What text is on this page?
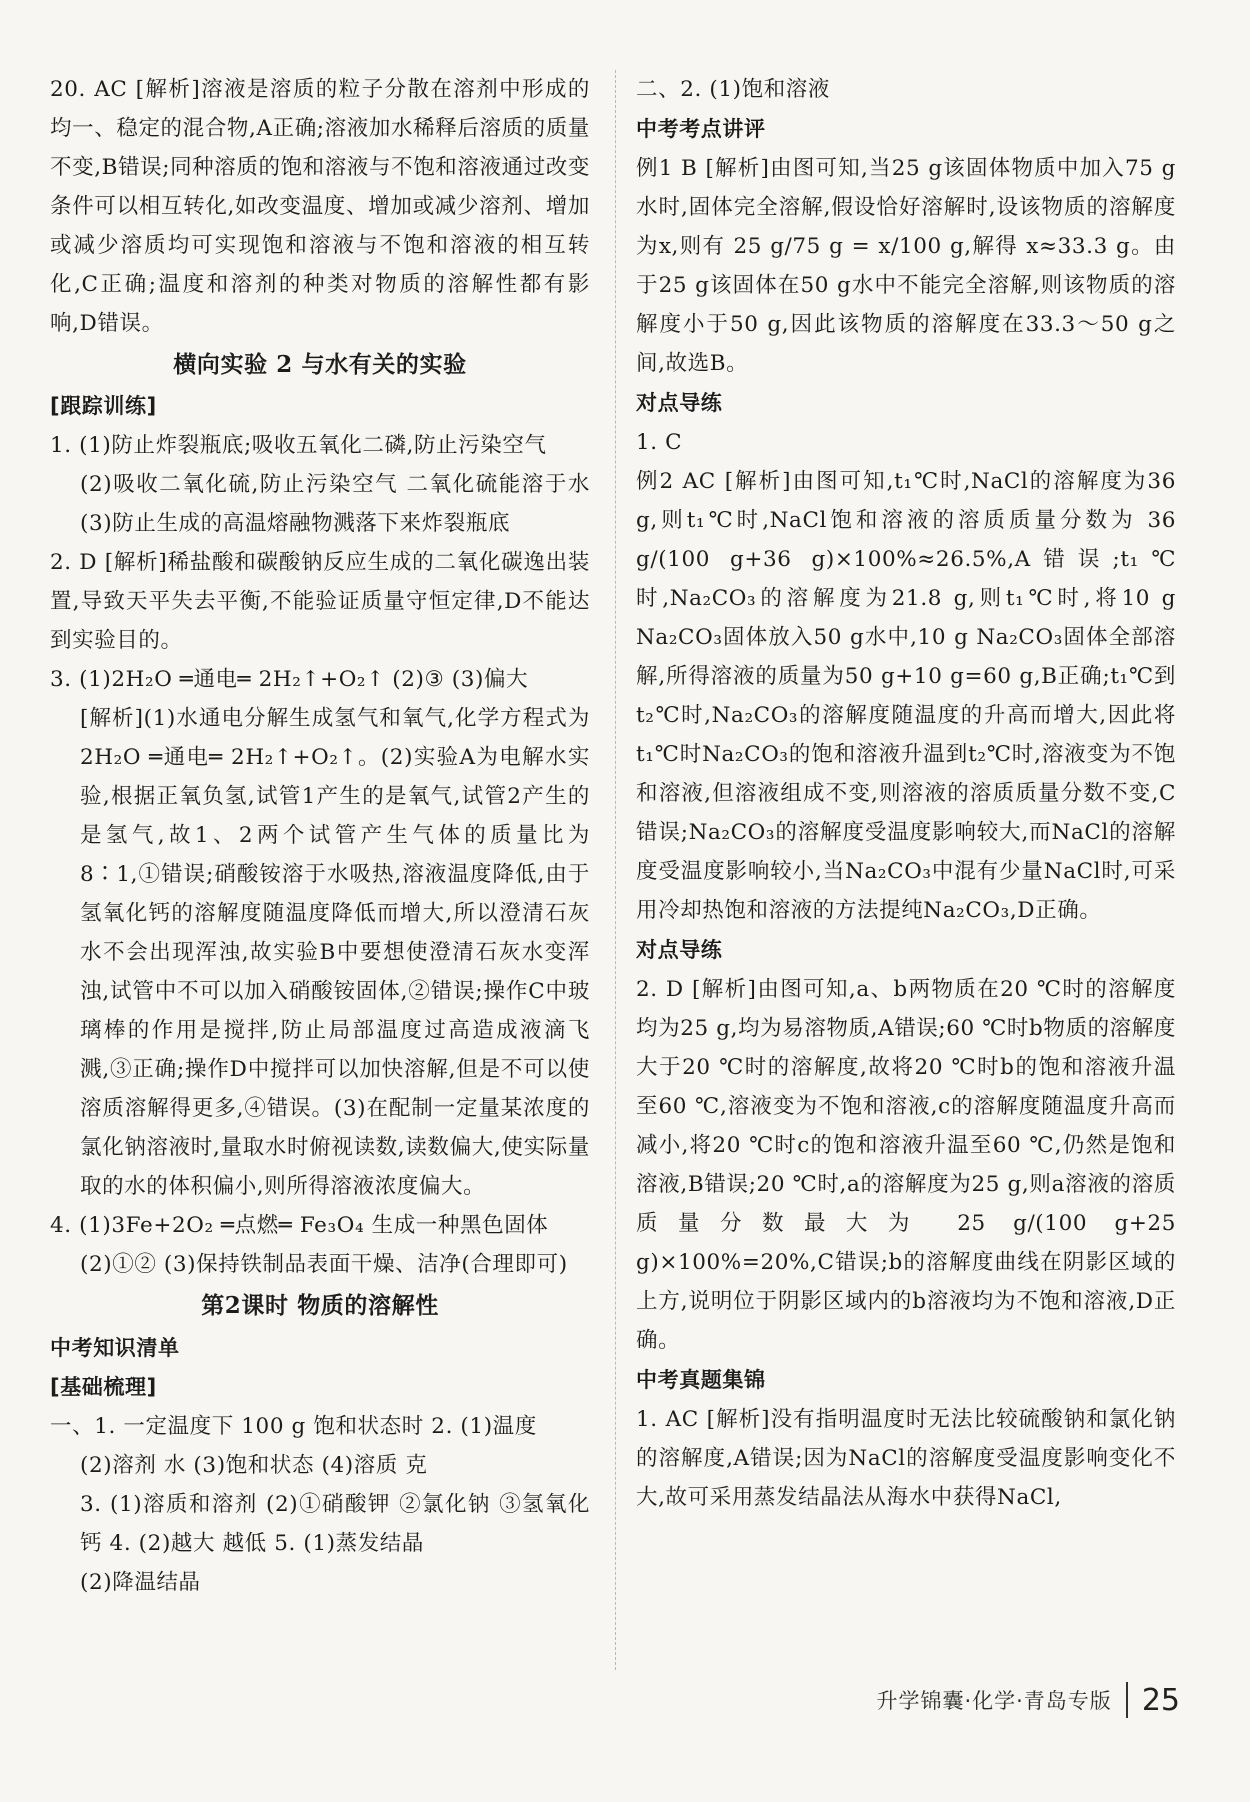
20. AC [解析]溶液是溶质的粒子分散在溶剂中形成的均一、稳定的混合物,A正确;溶液加水稀释后溶质的质量不变,B错误;同种溶质的饱和溶液与不饱和溶液通过改变条件可以相互转化,如改变温度、增加或减少溶剂、增加或减少溶质均可实现饱和溶液与不饱和溶液的相互转化,C正确;温度和溶剂的种类对物质的溶解性都有影响,D错误。

横向实验 2 与水有关的实验

[跟踪训练]

1. (1)防止炸裂瓶底;吸收五氧化二磷,防止污染空气

(2)吸收二氧化硫,防止污染空气 二氧化硫能溶于水 (3)防止生成的高温熔融物溅落下来炸裂瓶底

2. D [解析]稀盐酸和碳酸钠反应生成的二氧化碳逸出装置,导致天平失去平衡,不能验证质量守恒定律,D不能达到实验目的。

3. (1)2H₂O ═通电═ 2H₂↑+O₂↑ (2)③ (3)偏大

[解析](1)水通电分解生成氢气和氧气,化学方程式为2H₂O ═通电═ 2H₂↑+O₂↑。(2)实验A为电解水实验,根据正氧负氢,试管1产生的是氧气,试管2产生的是氢气,故1、2两个试管产生气体的质量比为8∶1,①错误;硝酸铵溶于水吸热,溶液温度降低,由于氢氧化钙的溶解度随温度降低而增大,所以澄清石灰水不会出现浑浊,故实验B中要想使澄清石灰水变浑浊,试管中不可以加入硝酸铵固体,②错误;操作C中玻璃棒的作用是搅拌,防止局部温度过高造成液滴飞溅,③正确;操作D中搅拌可以加快溶解,但是不可以使溶质溶解得更多,④错误。(3)在配制一定量某浓度的氯化钠溶液时,量取水时俯视读数,读数偏大,使实际量取的水的体积偏小,则所得溶液浓度偏大。

4. (1)3Fe+2O₂ ═点燃═ Fe₃O₄ 生成一种黑色固体

(2)①② (3)保持铁制品表面干燥、洁净(合理即可)

第2课时 物质的溶解性

中考知识清单

[基础梳理]

一、1. 一定温度下 100 g 饱和状态时 2. (1)温度

(2)溶剂 水 (3)饱和状态 (4)溶质 克

3. (1)溶质和溶剂 (2)①硝酸钾 ②氯化钠 ③氢氧化钙 4. (2)越大 越低 5. (1)蒸发结晶

(2)降温结晶

二、2. (1)饱和溶液

中考考点讲评

例1 B [解析]由图可知,当25 g该固体物质中加入75 g水时,固体完全溶解,假设恰好溶解时,设该物质的溶解度为x,则有 25 g/75 g = x/100 g,解得 x≈33.3 g。由于25 g该固体在50 g水中不能完全溶解,则该物质的溶解度小于50 g,因此该物质的溶解度在33.3～50 g之间,故选B。

对点导练

1. C

例2 AC [解析]由图可知,t₁℃时,NaCl的溶解度为36 g,则t₁℃时,NaCl饱和溶液的溶质质量分数为 36 g/(100 g+36 g)×100%≈26.5%,A错误;t₁℃时,Na₂CO₃的溶解度为21.8 g,则t₁℃时,将10 g Na₂CO₃固体放入50 g水中,10 g Na₂CO₃固体全部溶解,所得溶液的质量为50 g+10 g=60 g,B正确;t₁℃到t₂℃时,Na₂CO₃的溶解度随温度的升高而增大,因此将t₁℃时Na₂CO₃的饱和溶液升温到t₂℃时,溶液变为不饱和溶液,但溶液组成不变,则溶液的溶质质量分数不变,C错误;Na₂CO₃的溶解度受温度影响较大,而NaCl的溶解度受温度影响较小,当Na₂CO₃中混有少量NaCl时,可采用冷却热饱和溶液的方法提纯Na₂CO₃,D正确。

对点导练

2. D [解析]由图可知,a、b两物质在20 ℃时的溶解度均为25 g,均为易溶物质,A错误;60 ℃时b物质的溶解度大于20 ℃时的溶解度,故将20 ℃时b的饱和溶液升温至60 ℃,溶液变为不饱和溶液,c的溶解度随温度升高而减小,将20 ℃时c的饱和溶液升温至60 ℃,仍然是饱和溶液,B错误;20 ℃时,a的溶解度为25 g,则a溶液的溶质质量分数最大为 25 g/(100 g+25 g)×100%=20%,C错误;b的溶解度曲线在阴影区域的上方,说明位于阴影区域内的b溶液均为不饱和溶液,D正确。

中考真题集锦

1. AC [解析]没有指明温度时无法比较硫酸钠和氯化钠的溶解度,A错误;因为NaCl的溶解度受温度影响变化不大,故可采用蒸发结晶法从海水中获得NaCl,

升学锦囊·化学·青岛专版 25
